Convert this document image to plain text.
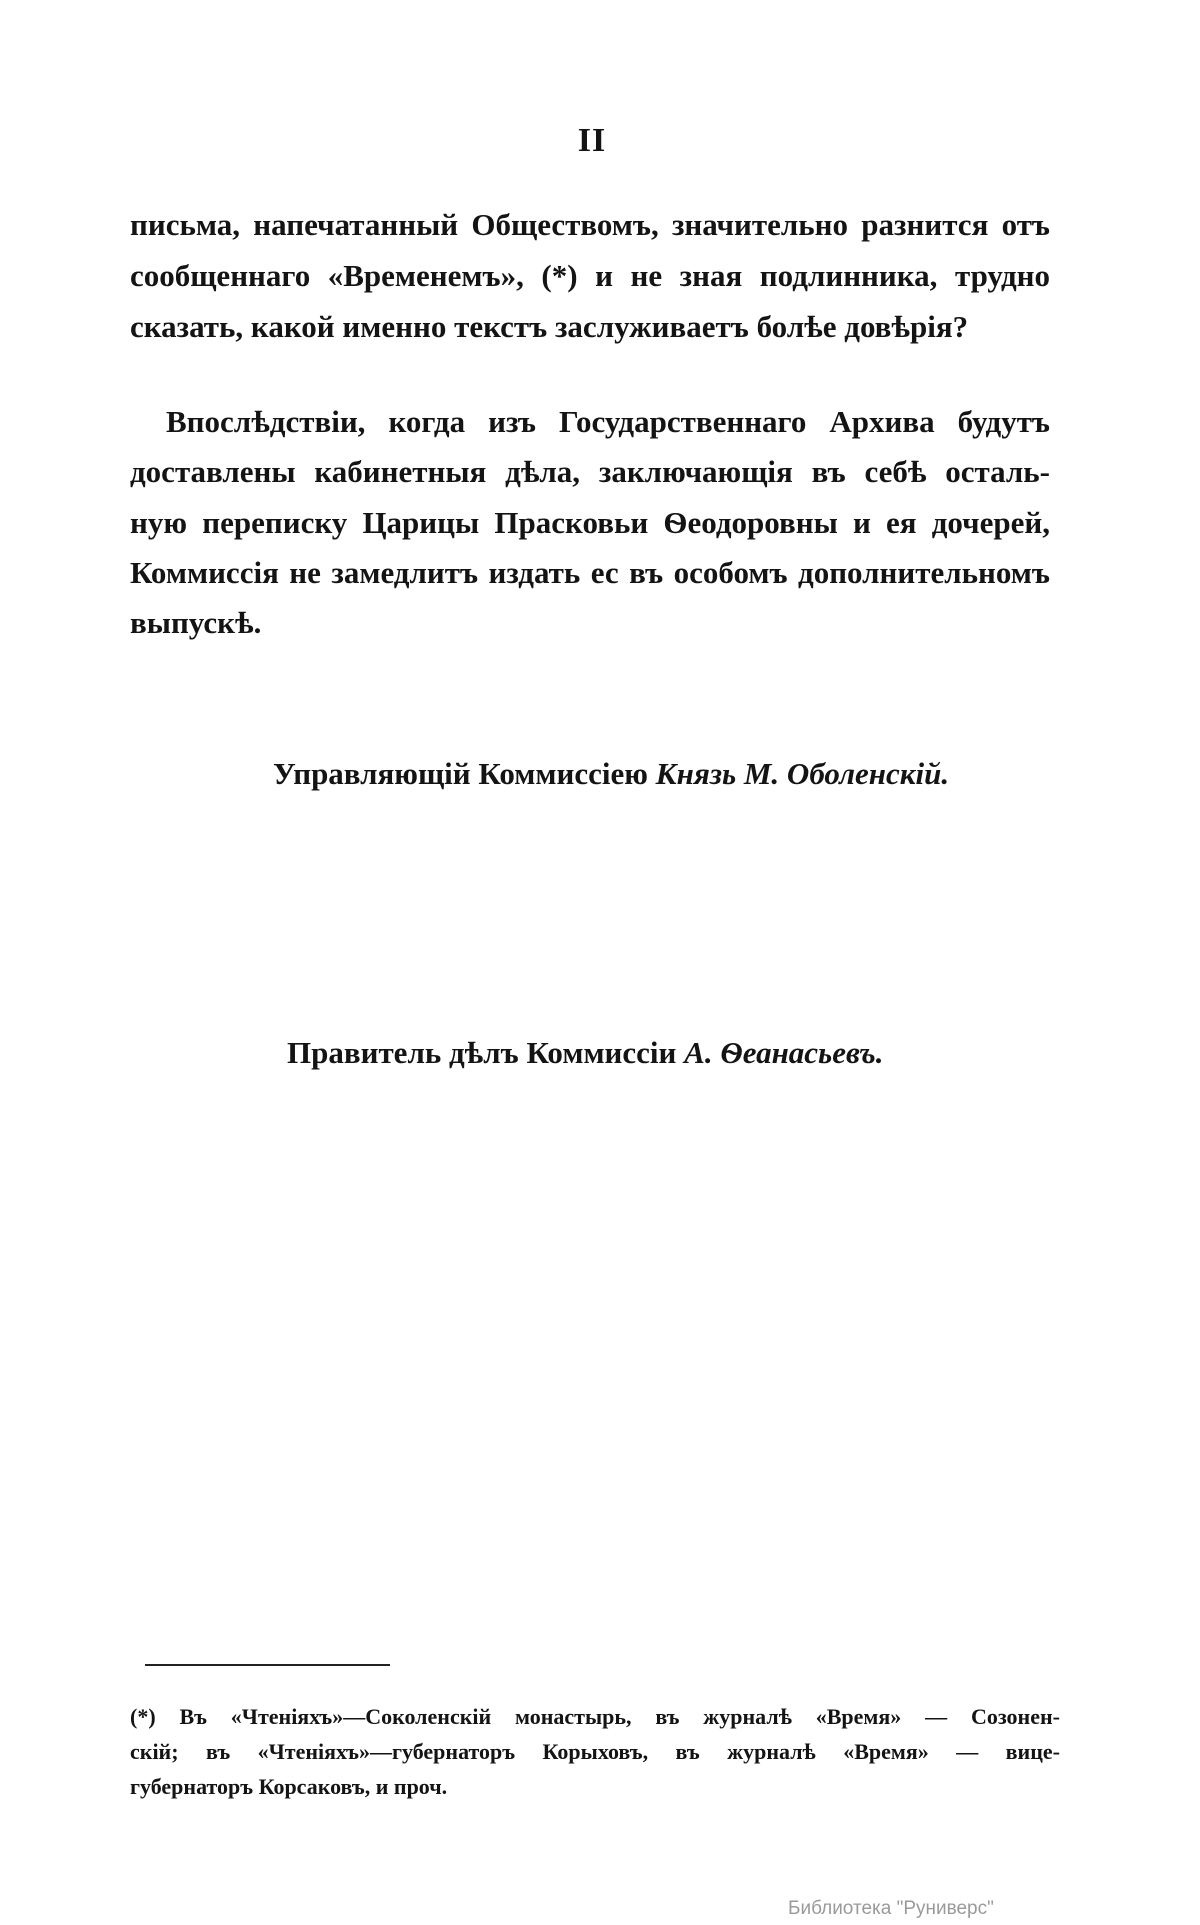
II
письма, напечатанный Обществомъ, значительно разнится отъ
сообщеннаго «Временемъ», (*) и не зная подлинника, трудно
сказать, какой именно текстъ заслуживаетъ болѣе довѣрія?
Впослѣдствіи, когда изъ Государственнаго Архива будутъ
доставлены кабинетныя дѣла, заключающія въ себѣ осталь-
ную переписку Царицы Прасковьи Ѳеодоровны и ея дочерей,
Коммиссія не замедлитъ издать ес въ особомъ дополнительномъ
выпускѣ.
Управляющій Коммиссіею Князь М. Оболенскій.
Правитель дѣлъ Коммиссіи А. Ѳеанасьевъ.
(*) Въ «Чтеніяхъ»—Соколенскій монастырь, въ журналѣ «Время» — Созонен-
скій; въ «Чтеніяхъ»—губернаторъ Корыховъ, въ журналѣ «Время» — вице-
губернаторъ Корсаковъ, и проч.
Библиотека "Руниверс"
